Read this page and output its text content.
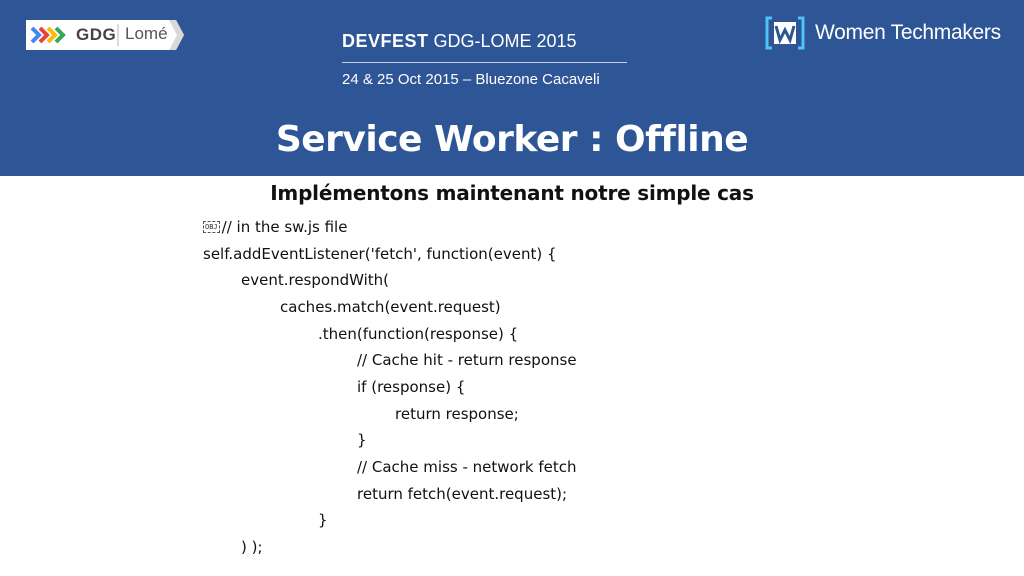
GDG Lomé	DEVFEST GDG-LOME 2015
24 & 25 Oct 2015 – Bluezone Cacaveli
Women Techmakers
Service Worker : Offline
Implémentons maintenant notre simple cas
OBJ // in the sw.js file
self.addEventListener('fetch', function(event) {
event.respondWith(
caches.match(event.request)
.then(function(response) {
// Cache hit - return response
if (response) {
return response;
}
// Cache miss - network fetch
return fetch(event.request);
}
) );
